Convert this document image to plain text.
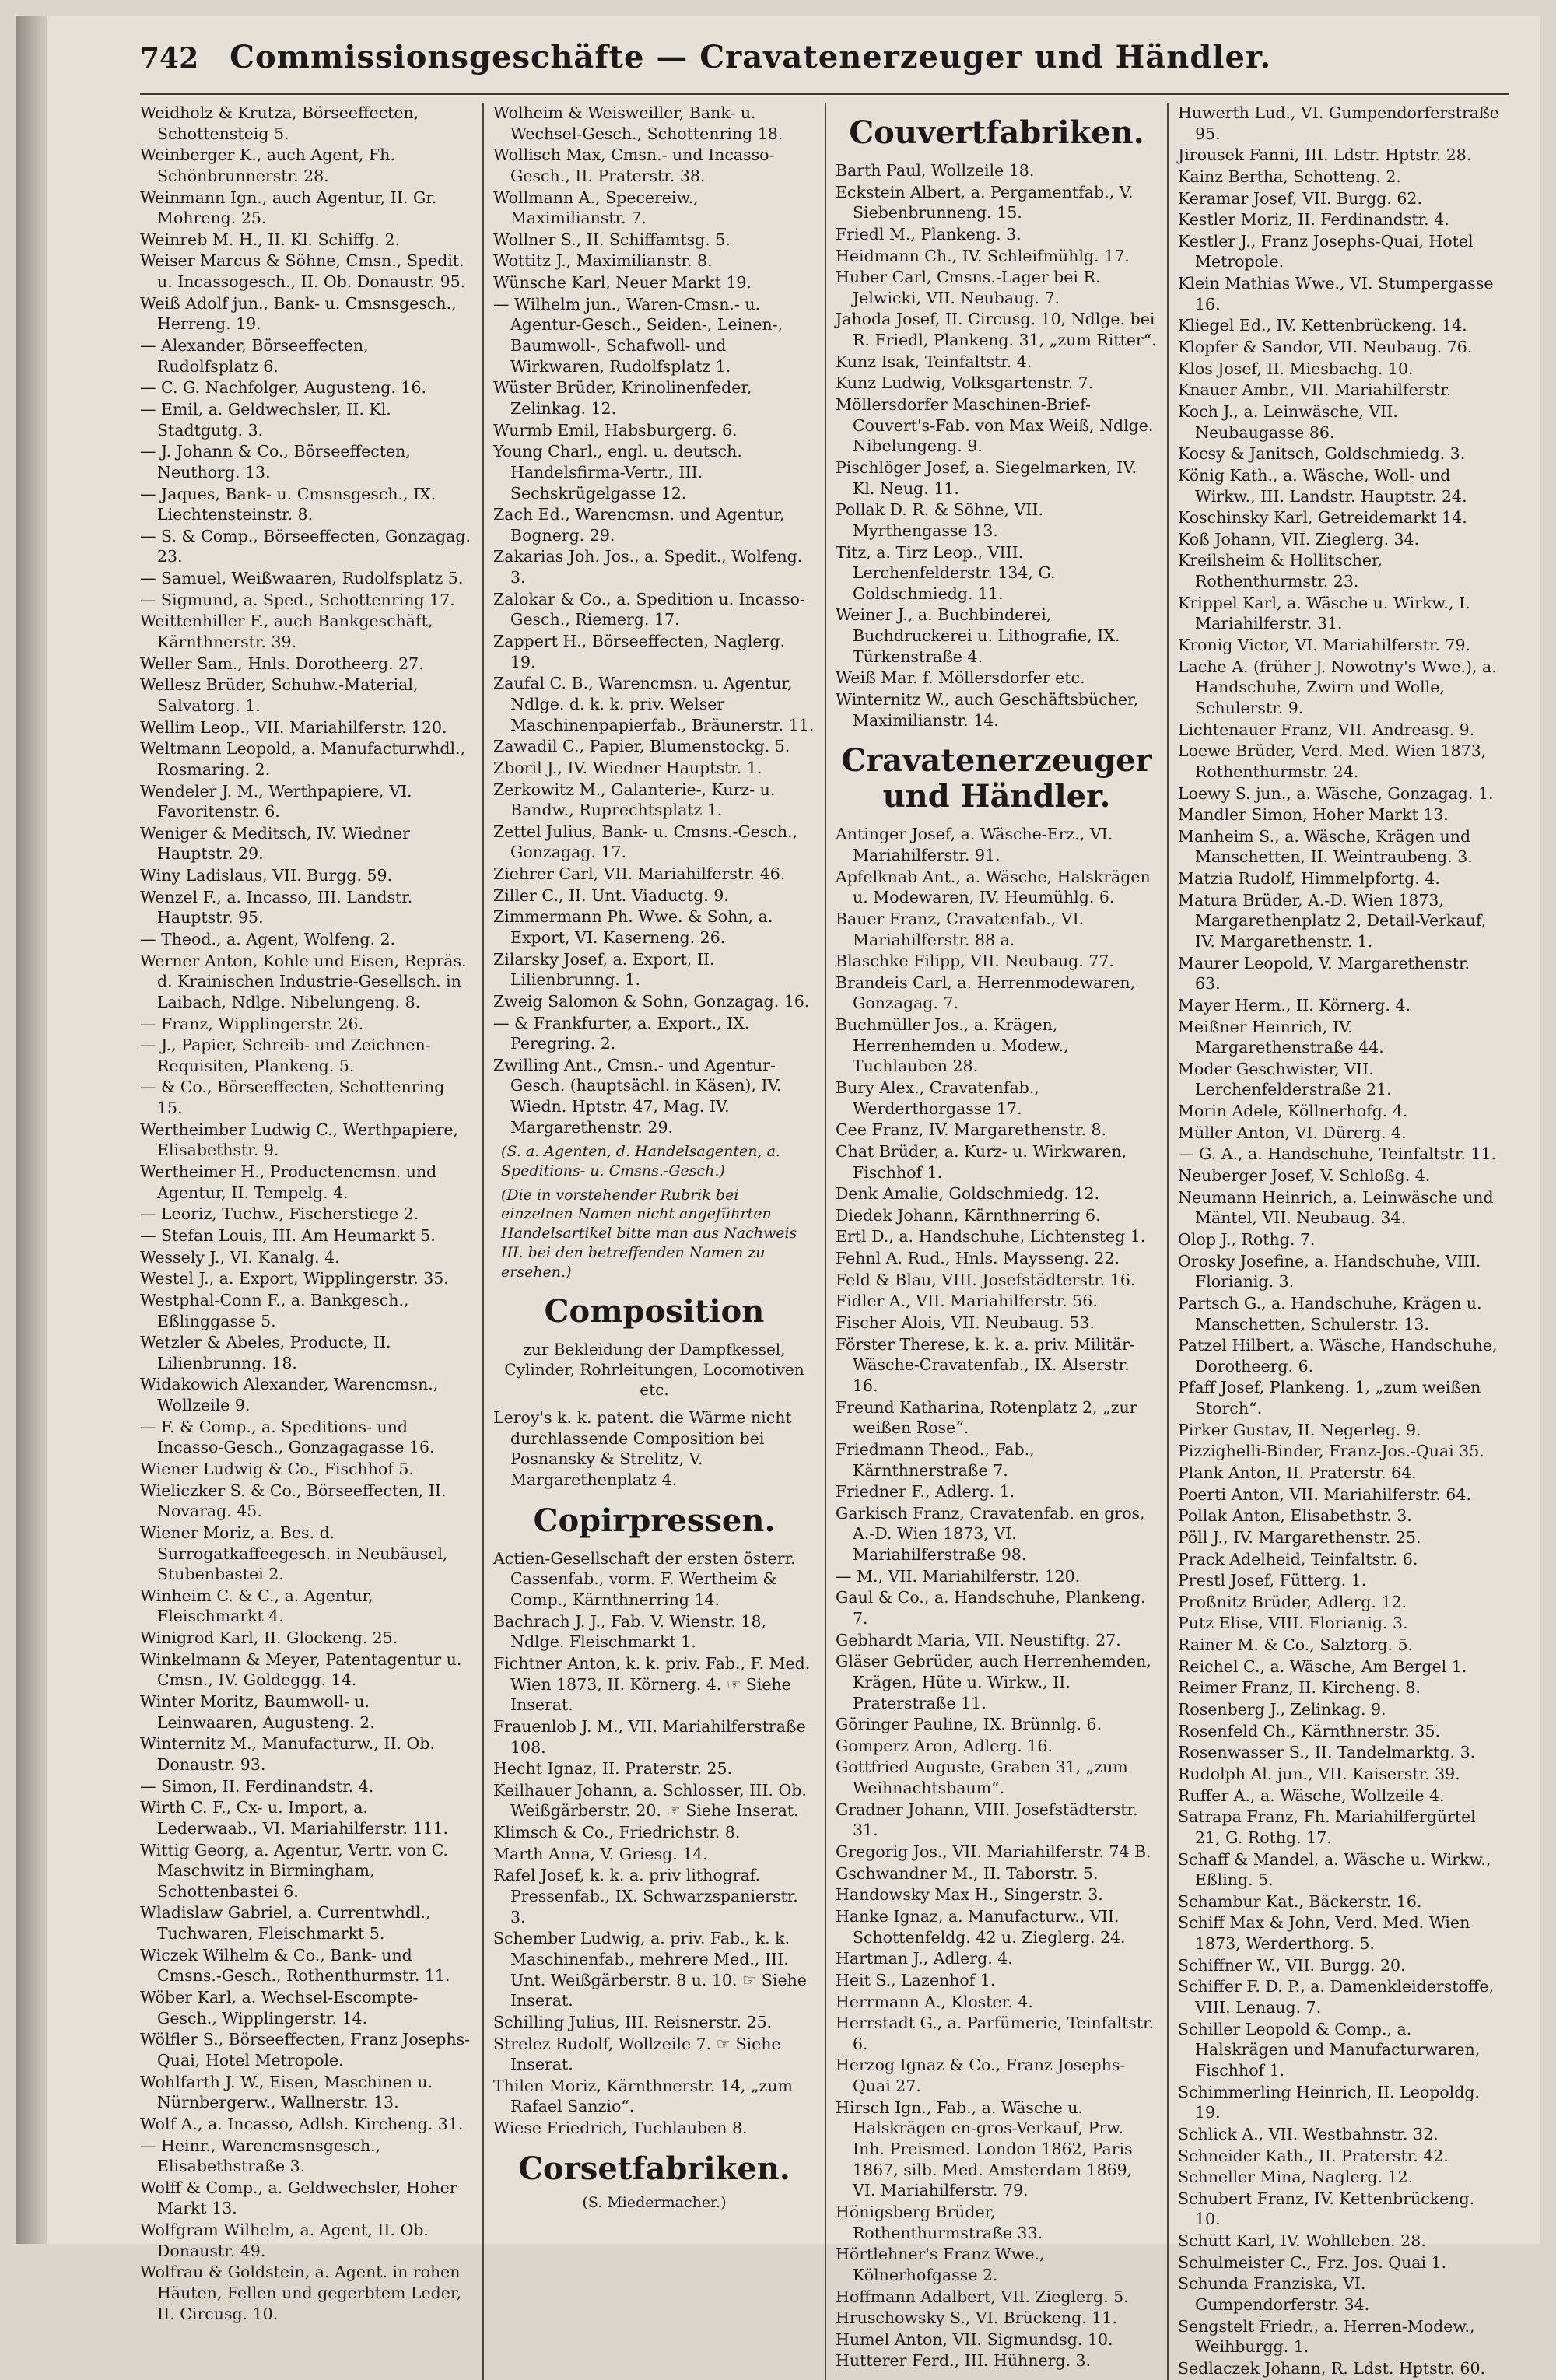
742 Commissionsgeschäfte — Cravatenerzeuger und Händler.

Weidholz & Krutza, Börseeffecten, Schottensteig 5.

Weinberger K., auch Agent, Fh. Schönbrunnerstr. 28.

Weinmann Ign., auch Agentur, II. Gr. Mohreng. 25.

Weinreb M. H., II. Kl. Schiffg. 2.

Weiser Marcus & Söhne, Cmsn., Spedit. u. Incassogesch., II. Ob. Donaustr. 95.

Weiß Adolf jun., Bank- u. Cmsnsgesch., Herreng. 19.

— Alexander, Börseeffecten, Rudolfsplatz 6.

— C. G. Nachfolger, Augusteng. 16.

— Emil, a. Geldwechsler, II. Kl. Stadtgutg. 3.

— J. Johann & Co., Börseeffecten, Neuthorg. 13.

— Jaques, Bank- u. Cmsnsgesch., IX. Liechtensteinstr. 8.

— S. & Comp., Börseeffecten, Gonzagag. 23.

— Samuel, Weißwaaren, Rudolfsplatz 5.

— Sigmund, a. Sped., Schottenring 17.

Weittenhiller F., auch Bankgeschäft, Kärnthnerstr. 39.

Weller Sam., Hnls. Dorotheerg. 27.

Wellesz Brüder, Schuhw.-Material, Salvatorg. 1.

Wellim Leop., VII. Mariahilferstr. 120.

Weltmann Leopold, a. Manufacturwhdl., Rosmaring. 2.

Wendeler J. M., Werthpapiere, VI. Favoritenstr. 6.

Weniger & Meditsch, IV. Wiedner Hauptstr. 29.

Winy Ladislaus, VII. Burgg. 59.

Wenzel F., a. Incasso, III. Landstr. Hauptstr. 95.

— Theod., a. Agent, Wolfeng. 2.

Werner Anton, Kohle und Eisen, Repräs. d. Krainischen Industrie-Gesellsch. in Laibach, Ndlge. Nibelungeng. 8.

— Franz, Wipplingerstr. 26.

— J., Papier, Schreib- und Zeichnen-Requisiten, Plankeng. 5.

— & Co., Börseeffecten, Schottenring 15.

Wertheimber Ludwig C., Werthpapiere, Elisabethstr. 9.

Wertheimer H., Productencmsn. und Agentur, II. Tempelg. 4.

— Leoriz, Tuchw., Fischerstiege 2.

— Stefan Louis, III. Am Heumarkt 5.

Wessely J., VI. Kanalg. 4.

Westel J., a. Export, Wipplingerstr. 35.

Westphal-Conn F., a. Bankgesch., Eßlinggasse 5.

Wetzler & Abeles, Producte, II. Lilienbrunng. 18.

Widakowich Alexander, Warencmsn., Wollzeile 9.

— F. & Comp., a. Speditions- und Incasso-Gesch., Gonzagagasse 16.

Wiener Ludwig & Co., Fischhof 5.

Wieliczker S. & Co., Börseeffecten, II. Novarag. 45.

Wiener Moriz, a. Bes. d. Surrogatkaffeegesch. in Neubäusel, Stubenbastei 2.

Winheim C. & C., a. Agentur, Fleischmarkt 4.

Winigrod Karl, II. Glockeng. 25.

Winkelmann & Meyer, Patentagentur u. Cmsn., IV. Goldeggg. 14.

Winter Moritz, Baumwoll- u. Leinwaaren, Augusteng. 2.

Winternitz M., Manufacturw., II. Ob. Donaustr. 93.

— Simon, II. Ferdinandstr. 4.

Wirth C. F., Cx- u. Import, a. Lederwaab., VI. Mariahilferstr. 111.

Wittig Georg, a. Agentur, Vertr. von C. Maschwitz in Birmingham, Schottenbastei 6.

Wladislaw Gabriel, a. Currentwhdl., Tuchwaren, Fleischmarkt 5.

Wiczek Wilhelm & Co., Bank- und Cmsns.-Gesch., Rothenthurmstr. 11.

Wöber Karl, a. Wechsel-Escompte-Gesch., Wipplingerstr. 14.

Wölfler S., Börseeffecten, Franz Josephs-Quai, Hotel Metropole.

Wohlfarth J. W., Eisen, Maschinen u. Nürnbergerw., Wallnerstr. 13.

Wolf A., a. Incasso, Adlsh. Kircheng. 31.

— Heinr., Warencmsnsgesch., Elisabethstraße 3.

Wolff & Comp., a. Geldwechsler, Hoher Markt 13.

Wolfgram Wilhelm, a. Agent, II. Ob. Donaustr. 49.

Wolfrau & Goldstein, a. Agent. in rohen Häuten, Fellen und gegerbtem Leder, II. Circusg. 10.

Wolheim & Weisweiller, Bank- u. Wechsel-Gesch., Schottenring 18.

Wollisch Max, Cmsn.- und Incasso-Gesch., II. Praterstr. 38.

Wollmann A., Specereiw., Maximilianstr. 7.

Wollner S., II. Schiffamtsg. 5.

Wottitz J., Maximilianstr. 8.

Wünsche Karl, Neuer Markt 19.

— Wilhelm jun., Waren-Cmsn.- u. Agentur-Gesch., Seiden-, Leinen-, Baumwoll-, Schafwoll- und Wirkwaren, Rudolfsplatz 1.

Wüster Brüder, Krinolinenfeder, Zelinkag. 12.

Wurmb Emil, Habsburgerg. 6.

Young Charl., engl. u. deutsch. Handelsfirma-Vertr., III. Sechskrügelgasse 12.

Zach Ed., Warencmsn. und Agentur, Bognerg. 29.

Zakarias Joh. Jos., a. Spedit., Wolfeng. 3.

Zalokar & Co., a. Spedition u. Incasso-Gesch., Riemerg. 17.

Zappert H., Börseeffecten, Naglerg. 19.

Zaufal C. B., Warencmsn. u. Agentur, Ndlge. d. k. k. priv. Welser Maschinenpapierfab., Bräunerstr. 11.

Zawadil C., Papier, Blumenstockg. 5.

Zboril J., IV. Wiedner Hauptstr. 1.

Zerkowitz M., Galanterie-, Kurz- u. Bandw., Ruprechtsplatz 1.

Zettel Julius, Bank- u. Cmsns.-Gesch., Gonzagag. 17.

Ziehrer Carl, VII. Mariahilferstr. 46.

Ziller C., II. Unt. Viaductg. 9.

Zimmermann Ph. Wwe. & Sohn, a. Export, VI. Kaserneng. 26.

Zilarsky Josef, a. Export, II. Lilienbrunng. 1.

Zweig Salomon & Sohn, Gonzagag. 16.

— & Frankfurter, a. Export., IX. Peregring. 2.

Zwilling Ant., Cmsn.- und Agentur-Gesch. (hauptsächl. in Käsen), IV. Wiedn. Hptstr. 47, Mag. IV. Margarethenstr. 29.

(S. a. Agenten, d. Handelsagenten, a. Speditions- u. Cmsns.-Gesch.)

(Die in vorstehender Rubrik bei einzelnen Namen nicht angeführten Handelsartikel bitte man aus Nachweis III. bei den betreffenden Namen zu ersehen.)

Composition
zur Bekleidung der Dampfkessel, Cylinder, Rohrleitungen, Locomotiven etc.

Leroy's k. k. patent. die Wärme nicht durchlassende Composition bei Posnansky & Strelitz, V. Margarethenplatz 4.

Copirpressen.

Actien-Gesellschaft der ersten österr. Cassenfab., vorm. F. Wertheim & Comp., Kärnthnerring 14.

Bachrach J. J., Fab. V. Wienstr. 18, Ndlge. Fleischmarkt 1.

Fichtner Anton, k. k. priv. Fab., F. Med. Wien 1873, II. Körnerg. 4. ☞ Siehe Inserat.

Frauenlob J. M., VII. Mariahilferstraße 108.

Hecht Ignaz, II. Praterstr. 25.

Keilhauer Johann, a. Schlosser, III. Ob. Weißgärberstr. 20. ☞ Siehe Inserat.

Klimsch & Co., Friedrichstr. 8.

Marth Anna, V. Griesg. 14.

Rafel Josef, k. k. a. priv lithograf. Pressenfab., IX. Schwarzspanierstr. 3.

Schember Ludwig, a. priv. Fab., k. k. Maschinenfab., mehrere Med., III. Unt. Weißgärberstr. 8 u. 10. ☞ Siehe Inserat.

Schilling Julius, III. Reisnerstr. 25.

Strelez Rudolf, Wollzeile 7. ☞ Siehe Inserat.

Thilen Moriz, Kärnthnerstr. 14, „zum Rafael Sanzio“.

Wiese Friedrich, Tuchlauben 8.

Corsetfabriken.
(S. Miedermacher.)
Couvertfabriken.

Barth Paul, Wollzeile 18.

Eckstein Albert, a. Pergamentfab., V. Siebenbrunneng. 15.

Friedl M., Plankeng. 3.

Heidmann Ch., IV. Schleifmühlg. 17.

Huber Carl, Cmsns.-Lager bei R. Jelwicki, VII. Neubaug. 7.

Jahoda Josef, II. Circusg. 10, Ndlge. bei R. Friedl, Plankeng. 31, „zum Ritter“.

Kunz Isak, Teinfaltstr. 4.

Kunz Ludwig, Volksgartenstr. 7.

Möllersdorfer Maschinen-Brief-Couvert's-Fab. von Max Weiß, Ndlge. Nibelungeng. 9.

Pischlöger Josef, a. Siegelmarken, IV. Kl. Neug. 11.

Pollak D. R. & Söhne, VII. Myrthengasse 13.

Titz, a. Tirz Leop., VIII. Lerchenfelderstr. 134, G. Goldschmiedg. 11.

Weiner J., a. Buchbinderei, Buchdruckerei u. Lithografie, IX. Türkenstraße 4.

Weiß Mar. f. Möllersdorfer etc.

Winternitz W., auch Geschäftsbücher, Maximilianstr. 14.

Cravatenerzeuger und Händler.

Antinger Josef, a. Wäsche-Erz., VI. Mariahilferstr. 91.

Apfelknab Ant., a. Wäsche, Halskrägen u. Modewaren, IV. Heumühlg. 6.

Bauer Franz, Cravatenfab., VI. Mariahilferstr. 88 a.

Blaschke Filipp, VII. Neubaug. 77.

Brandeis Carl, a. Herrenmodewaren, Gonzagag. 7.

Buchmüller Jos., a. Krägen, Herrenhemden u. Modew., Tuchlauben 28.

Bury Alex., Cravatenfab., Werderthorgasse 17.

Cee Franz, IV. Margarethenstr. 8.

Chat Brüder, a. Kurz- u. Wirkwaren, Fischhof 1.

Denk Amalie, Goldschmiedg. 12.

Diedek Johann, Kärnthnerring 6.

Ertl D., a. Handschuhe, Lichtensteg 1.

Fehnl A. Rud., Hnls. Maysseng. 22.

Feld & Blau, VIII. Josefstädterstr. 16.

Fidler A., VII. Mariahilferstr. 56.

Fischer Alois, VII. Neubaug. 53.

Förster Therese, k. k. a. priv. Militär-Wäsche-Cravatenfab., IX. Alserstr. 16.

Freund Katharina, Rotenplatz 2, „zur weißen Rose“.

Friedmann Theod., Fab., Kärnthnerstraße 7.

Friedner F., Adlerg. 1.

Garkisch Franz, Cravatenfab. en gros, A.-D. Wien 1873, VI. Mariahilferstraße 98.

— M., VII. Mariahilferstr. 120.

Gaul & Co., a. Handschuhe, Plankeng. 7.

Gebhardt Maria, VII. Neustiftg. 27.

Gläser Gebrüder, auch Herrenhemden, Krägen, Hüte u. Wirkw., II. Praterstraße 11.

Göringer Pauline, IX. Brünnlg. 6.

Gomperz Aron, Adlerg. 16.

Gottfried Auguste, Graben 31, „zum Weihnachtsbaum“.

Gradner Johann, VIII. Josefstädterstr. 31.

Gregorig Jos., VII. Mariahilferstr. 74 B.

Gschwandner M., II. Taborstr. 5.

Handowsky Max H., Singerstr. 3.

Hanke Ignaz, a. Manufacturw., VII. Schottenfeldg. 42 u. Zieglerg. 24.

Hartman J., Adlerg. 4.

Heit S., Lazenhof 1.

Herrmann A., Kloster. 4.

Herrstadt G., a. Parfümerie, Teinfaltstr. 6.

Herzog Ignaz & Co., Franz Josephs-Quai 27.

Hirsch Ign., Fab., a. Wäsche u. Halskrägen en-gros-Verkauf, Prw. Inh. Preismed. London 1862, Paris 1867, silb. Med. Amsterdam 1869, VI. Mariahilferstr. 79.

Hönigsberg Brüder, Rothenthurmstraße 33.

Hörtlehner's Franz Wwe., Kölnerhofgasse 2.

Hoffmann Adalbert, VII. Zieglerg. 5.

Hruschowsky S., VI. Brückeng. 11.

Humel Anton, VII. Sigmundsg. 10.

Hutterer Ferd., III. Hühnerg. 3.

Huwerth Lud., VI. Gumpendorferstraße 95.

Jirousek Fanni, III. Ldstr. Hptstr. 28.

Kainz Bertha, Schotteng. 2.

Keramar Josef, VII. Burgg. 62.

Kestler Moriz, II. Ferdinandstr. 4.

Kestler J., Franz Josephs-Quai, Hotel Metropole.

Klein Mathias Wwe., VI. Stumpergasse 16.

Kliegel Ed., IV. Kettenbrückeng. 14.

Klopfer & Sandor, VII. Neubaug. 76.

Klos Josef, II. Miesbachg. 10.

Knauer Ambr., VII. Mariahilferstr.

Koch J., a. Leinwäsche, VII. Neubaugasse 86.

Kocsy & Janitsch, Goldschmiedg. 3.

König Kath., a. Wäsche, Woll- und Wirkw., III. Landstr. Hauptstr. 24.

Koschinsky Karl, Getreidemarkt 14.

Koß Johann, VII. Zieglerg. 34.

Kreilsheim & Hollitscher, Rothenthurmstr. 23.

Krippel Karl, a. Wäsche u. Wirkw., I. Mariahilferstr. 31.

Kronig Victor, VI. Mariahilferstr. 79.

Lache A. (früher J. Nowotny's Wwe.), a. Handschuhe, Zwirn und Wolle, Schulerstr. 9.

Lichtenauer Franz, VII. Andreasg. 9.

Loewe Brüder, Verd. Med. Wien 1873, Rothenthurmstr. 24.

Loewy S. jun., a. Wäsche, Gonzagag. 1.

Mandler Simon, Hoher Markt 13.

Manheim S., a. Wäsche, Krägen und Manschetten, II. Weintraubeng. 3.

Matzia Rudolf, Himmelpfortg. 4.

Matura Brüder, A.-D. Wien 1873, Margarethenplatz 2, Detail-Verkauf, IV. Margarethenstr. 1.

Maurer Leopold, V. Margarethenstr. 63.

Mayer Herm., II. Körnerg. 4.

Meißner Heinrich, IV. Margarethenstraße 44.

Moder Geschwister, VII. Lerchenfelderstraße 21.

Morin Adele, Köllnerhofg. 4.

Müller Anton, VI. Dürerg. 4.

— G. A., a. Handschuhe, Teinfaltstr. 11.

Neuberger Josef, V. Schloßg. 4.

Neumann Heinrich, a. Leinwäsche und Mäntel, VII. Neubaug. 34.

Olop J., Rothg. 7.

Orosky Josefine, a. Handschuhe, VIII. Florianig. 3.

Partsch G., a. Handschuhe, Krägen u. Manschetten, Schulerstr. 13.

Patzel Hilbert, a. Wäsche, Handschuhe, Dorotheerg. 6.

Pfaff Josef, Plankeng. 1, „zum weißen Storch“.

Pirker Gustav, II. Negerleg. 9.

Pizzighelli-Binder, Franz-Jos.-Quai 35.

Plank Anton, II. Praterstr. 64.

Poerti Anton, VII. Mariahilferstr. 64.

Pollak Anton, Elisabethstr. 3.

Pöll J., IV. Margarethenstr. 25.

Prack Adelheid, Teinfaltstr. 6.

Prestl Josef, Fütterg. 1.

Proßnitz Brüder, Adlerg. 12.

Putz Elise, VIII. Florianig. 3.

Rainer M. & Co., Salztorg. 5.

Reichel C., a. Wäsche, Am Bergel 1.

Reimer Franz, II. Kircheng. 8.

Rosenberg J., Zelinkag. 9.

Rosenfeld Ch., Kärnthnerstr. 35.

Rosenwasser S., II. Tandelmarktg. 3.

Rudolph Al. jun., VII. Kaiserstr. 39.

Ruffer A., a. Wäsche, Wollzeile 4.

Satrapa Franz, Fh. Mariahilfergürtel 21, G. Rothg. 17.

Schaff & Mandel, a. Wäsche u. Wirkw., Eßling. 5.

Schambur Kat., Bäckerstr. 16.

Schiff Max & John, Verd. Med. Wien 1873, Werderthorg. 5.

Schiffner W., VII. Burgg. 20.

Schiffer F. D. P., a. Damenkleiderstoffe, VIII. Lenaug. 7.

Schiller Leopold & Comp., a. Halskrägen und Manufacturwaren, Fischhof 1.

Schimmerling Heinrich, II. Leopoldg. 19.

Schlick A., VII. Westbahnstr. 32.

Schneider Kath., II. Praterstr. 42.

Schneller Mina, Naglerg. 12.

Schubert Franz, IV. Kettenbrückeng. 10.

Schütt Karl, IV. Wohlleben. 28.

Schulmeister C., Frz. Jos. Quai 1.

Schunda Franziska, VI. Gumpendorferstr. 34.

Sengstelt Friedr., a. Herren-Modew., Weihburgg. 1.

Sedlaczek Johann, R. Ldst. Hptstr. 60.
